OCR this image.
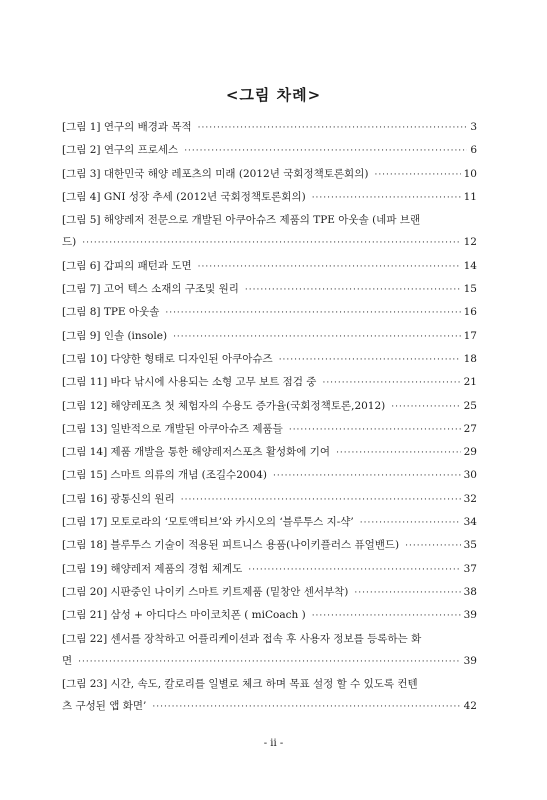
<그림 차례>
[그림 1] 연구의 배경과 목적 ·····	3
[그림 2] 연구의 프로세스 ·····	6
[그림 3] 대한민국 해양 레포츠의 미래 (2012년 국회정책토론회의) ·····	10
[그림 4] GNI 성장 추세 (2012년 국회정책토론회의) ·····	11
[그림 5] 해양레저 전문으로 개발된 아쿠아슈즈 제품의 TPE 아웃솔 (네파 브랜
드) ·····	12
[그림 6] 갑피의 패턴과 도면 ·····	14
[그림 7] 고어 텍스 소재의 구조및 원리 ·····	15
[그림 8] TPE 아웃솔 ·····	16
[그림 9] 인솔 (insole) ·····	17
[그림 10] 다양한 형태로 디자인된 아쿠아슈즈 ·····	18
[그림 11] 바다 낚시에 사용되는 소형 고무 보트 점검 중 ·····	21
[그림 12] 해양레포츠 첫 체험자의 수용도 증가율(국회정책토론,2012) ·····	25
[그림 13] 일반적으로 개발된 아쿠아슈즈 제품들 ·····	27
[그림 14] 제품 개발을 통한 해양레저스포츠 활성화에 기여 ·····	29
[그림 15] 스마트 의류의 개념 (조길수2004) ·····	30
[그림 16] 광통신의 원리 ·····	32
[그림 17] 모토로라의 ‘모토액티브’와 카시오의 ‘블루투스 지-샥’ ·····	34
[그림 18] 블루투스 기술이 적용된 피트니스 용품(나이키플러스 퓨얼밴드) ·····	35
[그림 19] 해양레저 제품의 경험 체계도 ·····	37
[그림 20] 시판중인 나이키 스마트 키트제품 (밑창안 센서부착) ·····	38
[그림 21] 삼성 + 아디다스 마이코치폰 ( miCoach ) ·····	39
[그림 22] 센서를 장착하고 어플리케이션과 접속 후 사용자 정보를 등록하는 화
면 ·····	39
[그림 23] 시간, 속도, 칼로리를 일별로 체크 하며 목표 설정 할 수 있도록 컨텐
츠 구성된 앱 화면’ ·····	42
- ii -
